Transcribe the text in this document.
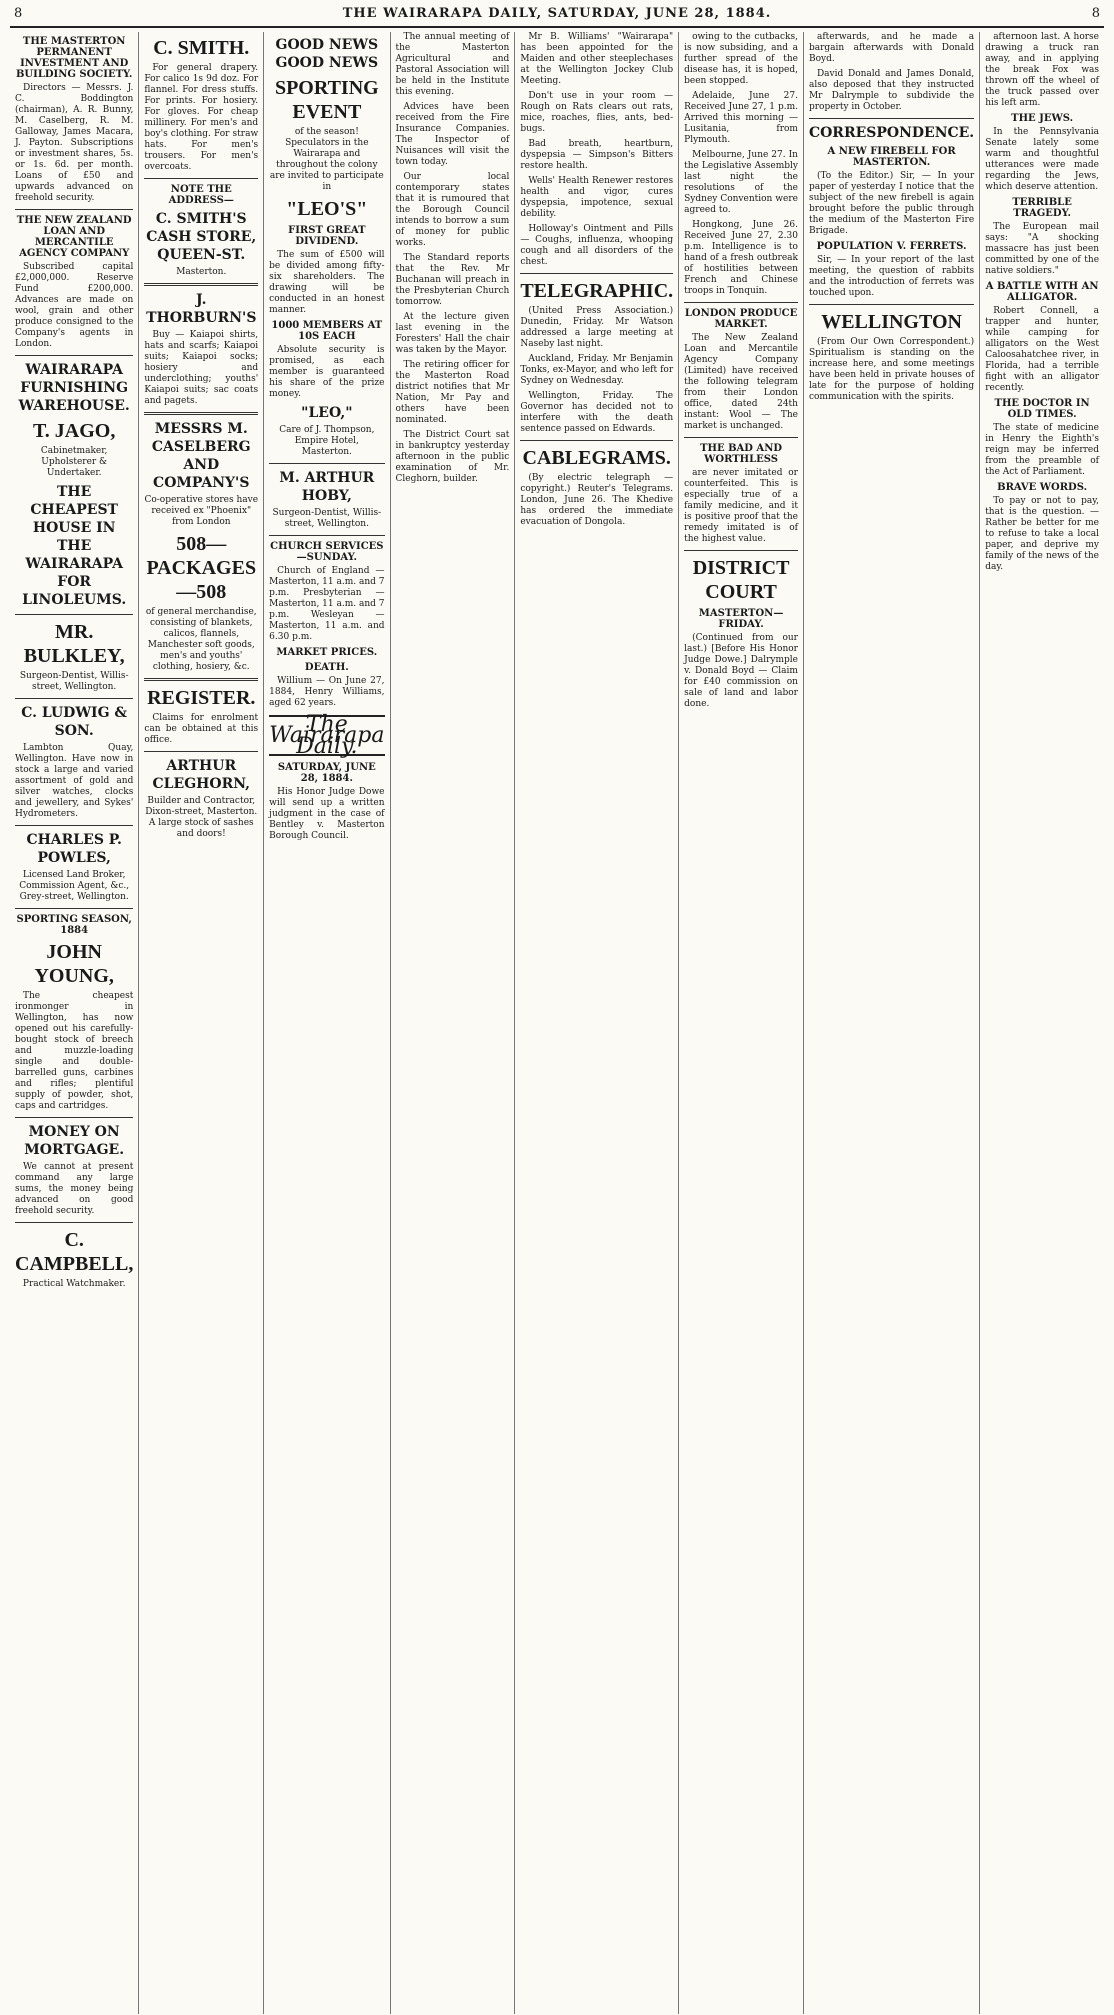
8	THE WAIRARAPA DAILY, SATURDAY, JUNE 28, 1884.	8
THE MASTERTON PERMANENT INVESTMENT AND BUILDING SOCIETY.

Directors — Messrs. J. C. Boddington (chairman), A. R. Bunny, M. Caselberg, R. M. Galloway, James Macara, J. Payton. Subscriptions or investment shares, 5s. or 1s. 6d. per month. Loans of £50 and upwards advanced on freehold security.

THE NEW ZEALAND LOAN AND MERCANTILE AGENCY COMPANY

Subscribed capital £2,000,000. Reserve Fund £200,000. Advances are made on wool, grain and other produce consigned to the Company's agents in London.

WAIRARAPA FURNISHING WAREHOUSE.
T. JAGO,

Cabinetmaker, Upholsterer & Undertaker.

THE CHEAPEST HOUSE IN THE WAIRARAPA FOR LINOLEUMS.
MR. BULKLEY,

Surgeon-Dentist, Willis-street, Wellington.

C. LUDWIG & SON.

Lambton Quay, Wellington. Have now in stock a large and varied assortment of gold and silver watches, clocks and jewellery, and Sykes' Hydrometers.

CHARLES P. POWLES,

Licensed Land Broker, Commission Agent, &c., Grey-street, Wellington.

SPORTING SEASON, 1884
JOHN YOUNG,

The cheapest ironmonger in Wellington, has now opened out his carefully-bought stock of breech and muzzle-loading single and double-barrelled guns, carbines and rifles; plentiful supply of powder, shot, caps and cartridges.

MONEY ON MORTGAGE.

We cannot at present command any large sums, the money being advanced on good freehold security.

C. CAMPBELL,

Practical Watchmaker.

C. SMITH.

For general drapery. For calico 1s 9d doz. For flannel. For dress stuffs. For prints. For hosiery. For gloves. For cheap millinery. For men's and boy's clothing. For straw hats. For men's trousers. For men's overcoats.

NOTE THE ADDRESS—
C. SMITH'S CASH STORE, QUEEN-ST.

Masterton.

J. THORBURN'S

Buy — Kaiapoi shirts, hats and scarfs; Kaiapoi suits; Kaiapoi socks; hosiery and underclothing; youths' Kaiapoi suits; sac coats and pagets.

MESSRS M. CASELBERG AND COMPANY'S

Co-operative stores have received ex "Phoenix" from London

508—PACKAGES—508

of general merchandise, consisting of blankets, calicos, flannels, Manchester soft goods, men's and youths' clothing, hosiery, &c.

REGISTER.

Claims for enrolment can be obtained at this office.

ARTHUR CLEGHORN,

Builder and Contractor, Dixon-street, Masterton. A large stock of sashes and doors!

GOOD NEWS GOOD NEWS
SPORTING EVENT

of the season! Speculators in the Wairarapa and throughout the colony are invited to participate in

"LEO'S"
FIRST GREAT DIVIDEND.

The sum of £500 will be divided among fifty-six shareholders. The drawing will be conducted in an honest manner.

1000 MEMBERS AT 10S EACH

Absolute security is promised, as each member is guaranteed his share of the prize money.

"LEO,"

Care of J. Thompson, Empire Hotel, Masterton.

M. ARTHUR HOBY,

Surgeon-Dentist, Willis-street, Wellington.

CHURCH SERVICES—SUNDAY.

Church of England — Masterton, 11 a.m. and 7 p.m. Presbyterian — Masterton, 11 a.m. and 7 p.m. Wesleyan — Masterton, 11 a.m. and 6.30 p.m.

MARKET PRICES.
DEATH.

Willium — On June 27, 1884, Henry Williams, aged 62 years.

The Wairarapa Daily.
SATURDAY, JUNE 28, 1884.

His Honor Judge Dowe will send up a written judgment in the case of Bentley v. Masterton Borough Council.

The annual meeting of the Masterton Agricultural and Pastoral Association will be held in the Institute this evening.

Advices have been received from the Fire Insurance Companies. The Inspector of Nuisances will visit the town today.

Our local contemporary states that it is rumoured that the Borough Council intends to borrow a sum of money for public works.

The Standard reports that the Rev. Mr Buchanan will preach in the Presbyterian Church tomorrow.

At the lecture given last evening in the Foresters' Hall the chair was taken by the Mayor.

The retiring officer for the Masterton Road district notifies that Mr Nation, Mr Pay and others have been nominated.

The District Court sat in bankruptcy yesterday afternoon in the public examination of Mr. Cleghorn, builder.

Mr B. Williams' "Wairarapa" has been appointed for the Maiden and other steeplechases at the Wellington Jockey Club Meeting.

Don't use in your room — Rough on Rats clears out rats, mice, roaches, flies, ants, bed-bugs.

Bad breath, heartburn, dyspepsia — Simpson's Bitters restore health.

Wells' Health Renewer restores health and vigor, cures dyspepsia, impotence, sexual debility.

Holloway's Ointment and Pills — Coughs, influenza, whooping cough and all disorders of the chest.

TELEGRAPHIC.

(United Press Association.) Dunedin, Friday. Mr Watson addressed a large meeting at Naseby last night.

Auckland, Friday. Mr Benjamin Tonks, ex-Mayor, and who left for Sydney on Wednesday.

Wellington, Friday. The Governor has decided not to interfere with the death sentence passed on Edwards.

CABLEGRAMS.

(By electric telegraph — copyright.) Reuter's Telegrams. London, June 26. The Khedive has ordered the immediate evacuation of Dongola.

owing to the cutbacks, is now subsiding, and a further spread of the disease has, it is hoped, been stopped.

Adelaide, June 27. Received June 27, 1 p.m. Arrived this morning — Lusitania, from Plymouth.

Melbourne, June 27. In the Legislative Assembly last night the resolutions of the Sydney Convention were agreed to.

Hongkong, June 26. Received June 27, 2.30 p.m. Intelligence is to hand of a fresh outbreak of hostilities between French and Chinese troops in Tonquin.

LONDON PRODUCE MARKET.

The New Zealand Loan and Mercantile Agency Company (Limited) have received the following telegram from their London office, dated 24th instant: Wool — The market is unchanged.

THE BAD AND WORTHLESS

are never imitated or counterfeited. This is especially true of a family medicine, and it is positive proof that the remedy imitated is of the highest value.

DISTRICT COURT
MASTERTON—FRIDAY.

(Continued from our last.) [Before His Honor Judge Dowe.] Dalrymple v. Donald Boyd — Claim for £40 commission on sale of land and labor done.

afterwards, and he made a bargain afterwards with Donald Boyd.

David Donald and James Donald, also deposed that they instructed Mr Dalrymple to subdivide the property in October.

CORRESPONDENCE.
A NEW FIREBELL FOR MASTERTON.

(To the Editor.) Sir, — In your paper of yesterday I notice that the subject of the new firebell is again brought before the public through the medium of the Masterton Fire Brigade.

POPULATION V. FERRETS.

Sir, — In your report of the last meeting, the question of rabbits and the introduction of ferrets was touched upon.

WELLINGTON

(From Our Own Correspondent.) Spiritualism is standing on the increase here, and some meetings have been held in private houses of late for the purpose of holding communication with the spirits.

afternoon last. A horse drawing a truck ran away, and in applying the break Fox was thrown off the wheel of the truck passed over his left arm.

THE JEWS.

In the Pennsylvania Senate lately some warm and thoughtful utterances were made regarding the Jews, which deserve attention.

TERRIBLE TRAGEDY.

The European mail says: "A shocking massacre has just been committed by one of the native soldiers."

A BATTLE WITH AN ALLIGATOR.

Robert Connell, a trapper and hunter, while camping for alligators on the West Caloosahatchee river, in Florida, had a terrible fight with an alligator recently.

THE DOCTOR IN OLD TIMES.

The state of medicine in Henry the Eighth's reign may be inferred from the preamble of the Act of Parliament.

BRAVE WORDS.

To pay or not to pay, that is the question. — Rather be better for me to refuse to take a local paper, and deprive my family of the news of the day.
